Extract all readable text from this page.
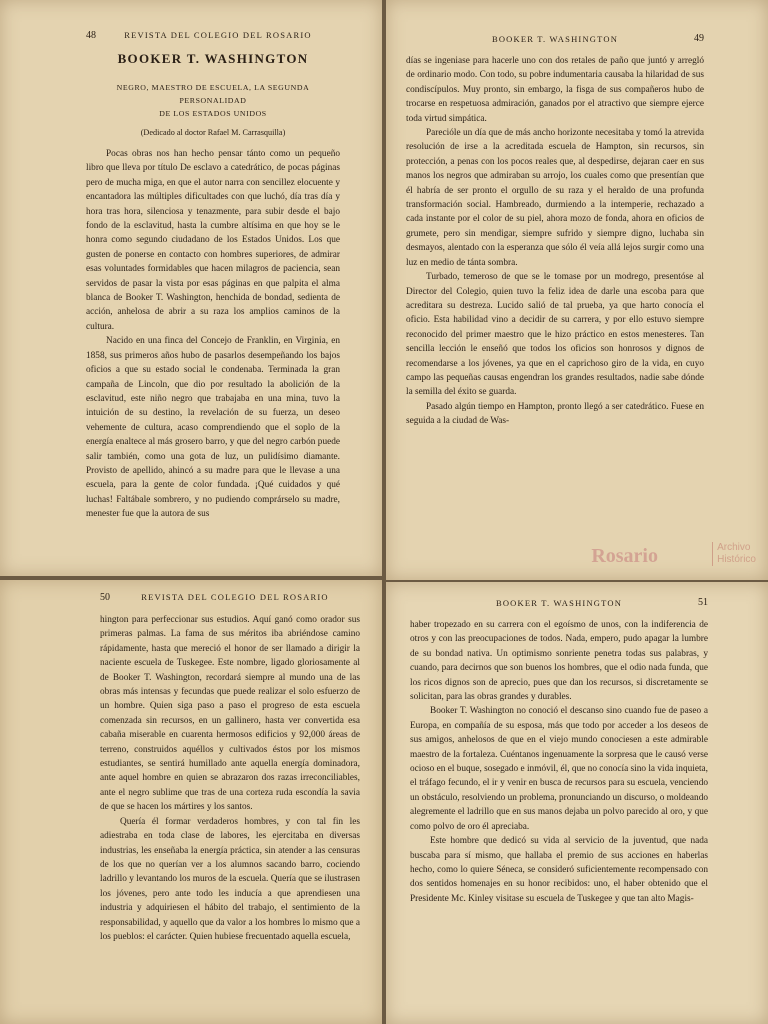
48	REVISTA DEL COLEGIO DEL ROSARIO
BOOKER T. WASHINGTON
NEGRO, MAESTRO DE ESCUELA, LA SEGUNDA PERSONALIDAD
DE LOS ESTADOS UNIDOS
(Dedicado al doctor Rafael M. Carrasquilla)

Pocas obras nos han hecho pensar tánto como un pequeño libro que lleva por título De esclavo a catedrático, de pocas páginas pero de mucha miga, en que el autor narra con sencillez elocuente y encantadora las múltiples dificultades con que luchó, día tras día y hora tras hora, silenciosa y tenazmente, para subir desde el bajo fondo de la esclavitud, hasta la cumbre altísima en que hoy se le honra como segundo ciudadano de los Estados Unidos. Los que gusten de ponerse en contacto con hombres superiores, de admirar esas voluntades formidables que hacen milagros de paciencia, sean servidos de pasar la vista por esas páginas en que palpita el alma blanca de Booker T. Washington, henchida de bondad, sedienta de acción, anhelosa de abrir a su raza los amplios caminos de la cultura.

Nacido en una finca del Concejo de Franklin, en Virginia, en 1858, sus primeros años hubo de pasarlos desempeñando los bajos oficios a que su estado social le condenaba. Terminada la gran campaña de Lincoln, que dio por resultado la abolición de la esclavitud, este niño negro que trabajaba en una mina, tuvo la intuición de su destino, la revelación de su fuerza, un deseo vehemente de cultura, acaso comprendiendo que el soplo de la energía enaltece al más grosero barro, y que del negro carbón puede salir también, como una gota de luz, un pulidísimo diamante. Provisto de apellido, ahincó a su madre para que le llevase a una escuela, para la gente de color fundada. ¡Qué cuidados y qué luchas! Faltábale sombrero, y no pudiendo comprárselo su madre, menester fue que la autora de sus

BOOKER T. WASHINGTON	49

días se ingeniase para hacerle uno con dos retales de paño que juntó y arregló de ordinario modo. Con todo, su pobre indumentaria causaba la hilaridad de sus condiscípulos. Muy pronto, sin embargo, la fisga de sus compañeros hubo de trocarse en respetuosa admiración, ganados por el atractivo que siempre ejerce toda virtud simpática.

Parecióle un día que de más ancho horizonte necesitaba y tomó la atrevida resolución de irse a la acreditada escuela de Hampton, sin recursos, sin protección, a penas con los pocos reales que, al despedirse, dejaran caer en sus manos los negros que admiraban su arrojo, los cuales como que presentían que él habría de ser pronto el orgullo de su raza y el heraldo de una profunda transformación social. Hambreado, durmiendo a la intemperie, rechazado a cada instante por el color de su piel, ahora mozo de fonda, ahora en oficios de grumete, pero sin mendigar, siempre sufrido y siempre digno, luchaba sin desmayos, alentado con la esperanza que sólo él veía allá lejos surgir como una luz en medio de tánta sombra.

Turbado, temeroso de que se le tomase por un modrego, presentóse al Director del Colegio, quien tuvo la feliz idea de darle una escoba para que acreditara su destreza. Lucido salió de tal prueba, ya que harto conocía el oficio. Esta habilidad vino a decidir de su carrera, y por ello estuvo siempre reconocido del primer maestro que le hizo práctico en estos menesteres. Tan sencilla lección le enseñó que todos los oficios son honrosos y dignos de recomendarse a los jóvenes, ya que en el caprichoso giro de la vida, en cuyo campo las pequeñas causas engendran los grandes resultados, nadie sabe dónde la semilla del éxito se guarda.

Pasado algún tiempo en Hampton, pronto llegó a ser catedrático. Fuese en seguida a la ciudad de Was-

Rosario	Archivo
Histórico
50	REVISTA DEL COLEGIO DEL ROSARIO

hington para perfeccionar sus estudios. Aquí ganó como orador sus primeras palmas. La fama de sus méritos iba abriéndose camino rápidamente, hasta que mereció el honor de ser llamado a dirigir la naciente escuela de Tuskegee. Este nombre, ligado gloriosamente al de Booker T. Washington, recordará siempre al mundo una de las obras más intensas y fecundas que puede realizar el solo esfuerzo de un hombre. Quien siga paso a paso el progreso de esta escuela comenzada sin recursos, en un gallinero, hasta ver convertida esa cabaña miserable en cuarenta hermosos edificios y 92,000 áreas de terreno, construidos aquéllos y cultivados éstos por los mismos estudiantes, se sentirá humillado ante aquella energía dominadora, ante aquel hombre en quien se abrazaron dos razas irreconciliables, ante el negro sublime que tras de una corteza ruda escondía la savia de que se hacen los mártires y los santos.

Quería él formar verdaderos hombres, y con tal fin les adiestraba en toda clase de labores, les ejercitaba en diversas industrias, les enseñaba la energía práctica, sin atender a las censuras de los que no querían ver a los alumnos sacando barro, cociendo ladrillo y levantando los muros de la escuela. Quería que se ilustrasen los jóvenes, pero ante todo les inducía a que aprendiesen una industria y adquiriesen el hábito del trabajo, el sentimiento de la responsabilidad, y aquello que da valor a los hombres lo mismo que a los pueblos: el carácter. Quien hubiese frecuentado aquella escuela,

BOOKER T. WASHINGTON	51

haber tropezado en su carrera con el egoísmo de unos, con la indiferencia de otros y con las preocupaciones de todos. Nada, empero, pudo apagar la lumbre de su bondad nativa. Un optimismo sonriente penetra todas sus palabras, y cuando, para decirnos que son buenos los hombres, que el odio nada funda, que los ricos dignos son de aprecio, pues que dan los recursos, si discretamente se solicitan, para las obras grandes y durables.

Booker T. Washington no conoció el descanso sino cuando fue de paseo a Europa, en compañía de su esposa, más que todo por acceder a los deseos de sus amigos, anhelosos de que en el viejo mundo conociesen a este admirable maestro de la fortaleza. Cuéntanos ingenuamente la sorpresa que le causó verse ocioso en el buque, sosegado e inmóvil, él, que no conocía sino la vida inquieta, el tráfago fecundo, el ir y venir en busca de recursos para su escuela, venciendo un obstáculo, resolviendo un problema, pronunciando un discurso, o moldeando alegremente el ladrillo que en sus manos dejaba un polvo parecido al oro, y que como polvo de oro él apreciaba.

Este hombre que dedicó su vida al servicio de la juventud, que nada buscaba para sí mismo, que hallaba el premio de sus acciones en haberlas hecho, como lo quiere Séneca, se consideró suficientemente recompensado con dos sentidos homenajes en su honor recibidos: uno, el haber obtenido que el Presidente Mc. Kinley visitase su escuela de Tuskegee y que tan alto Magis-
